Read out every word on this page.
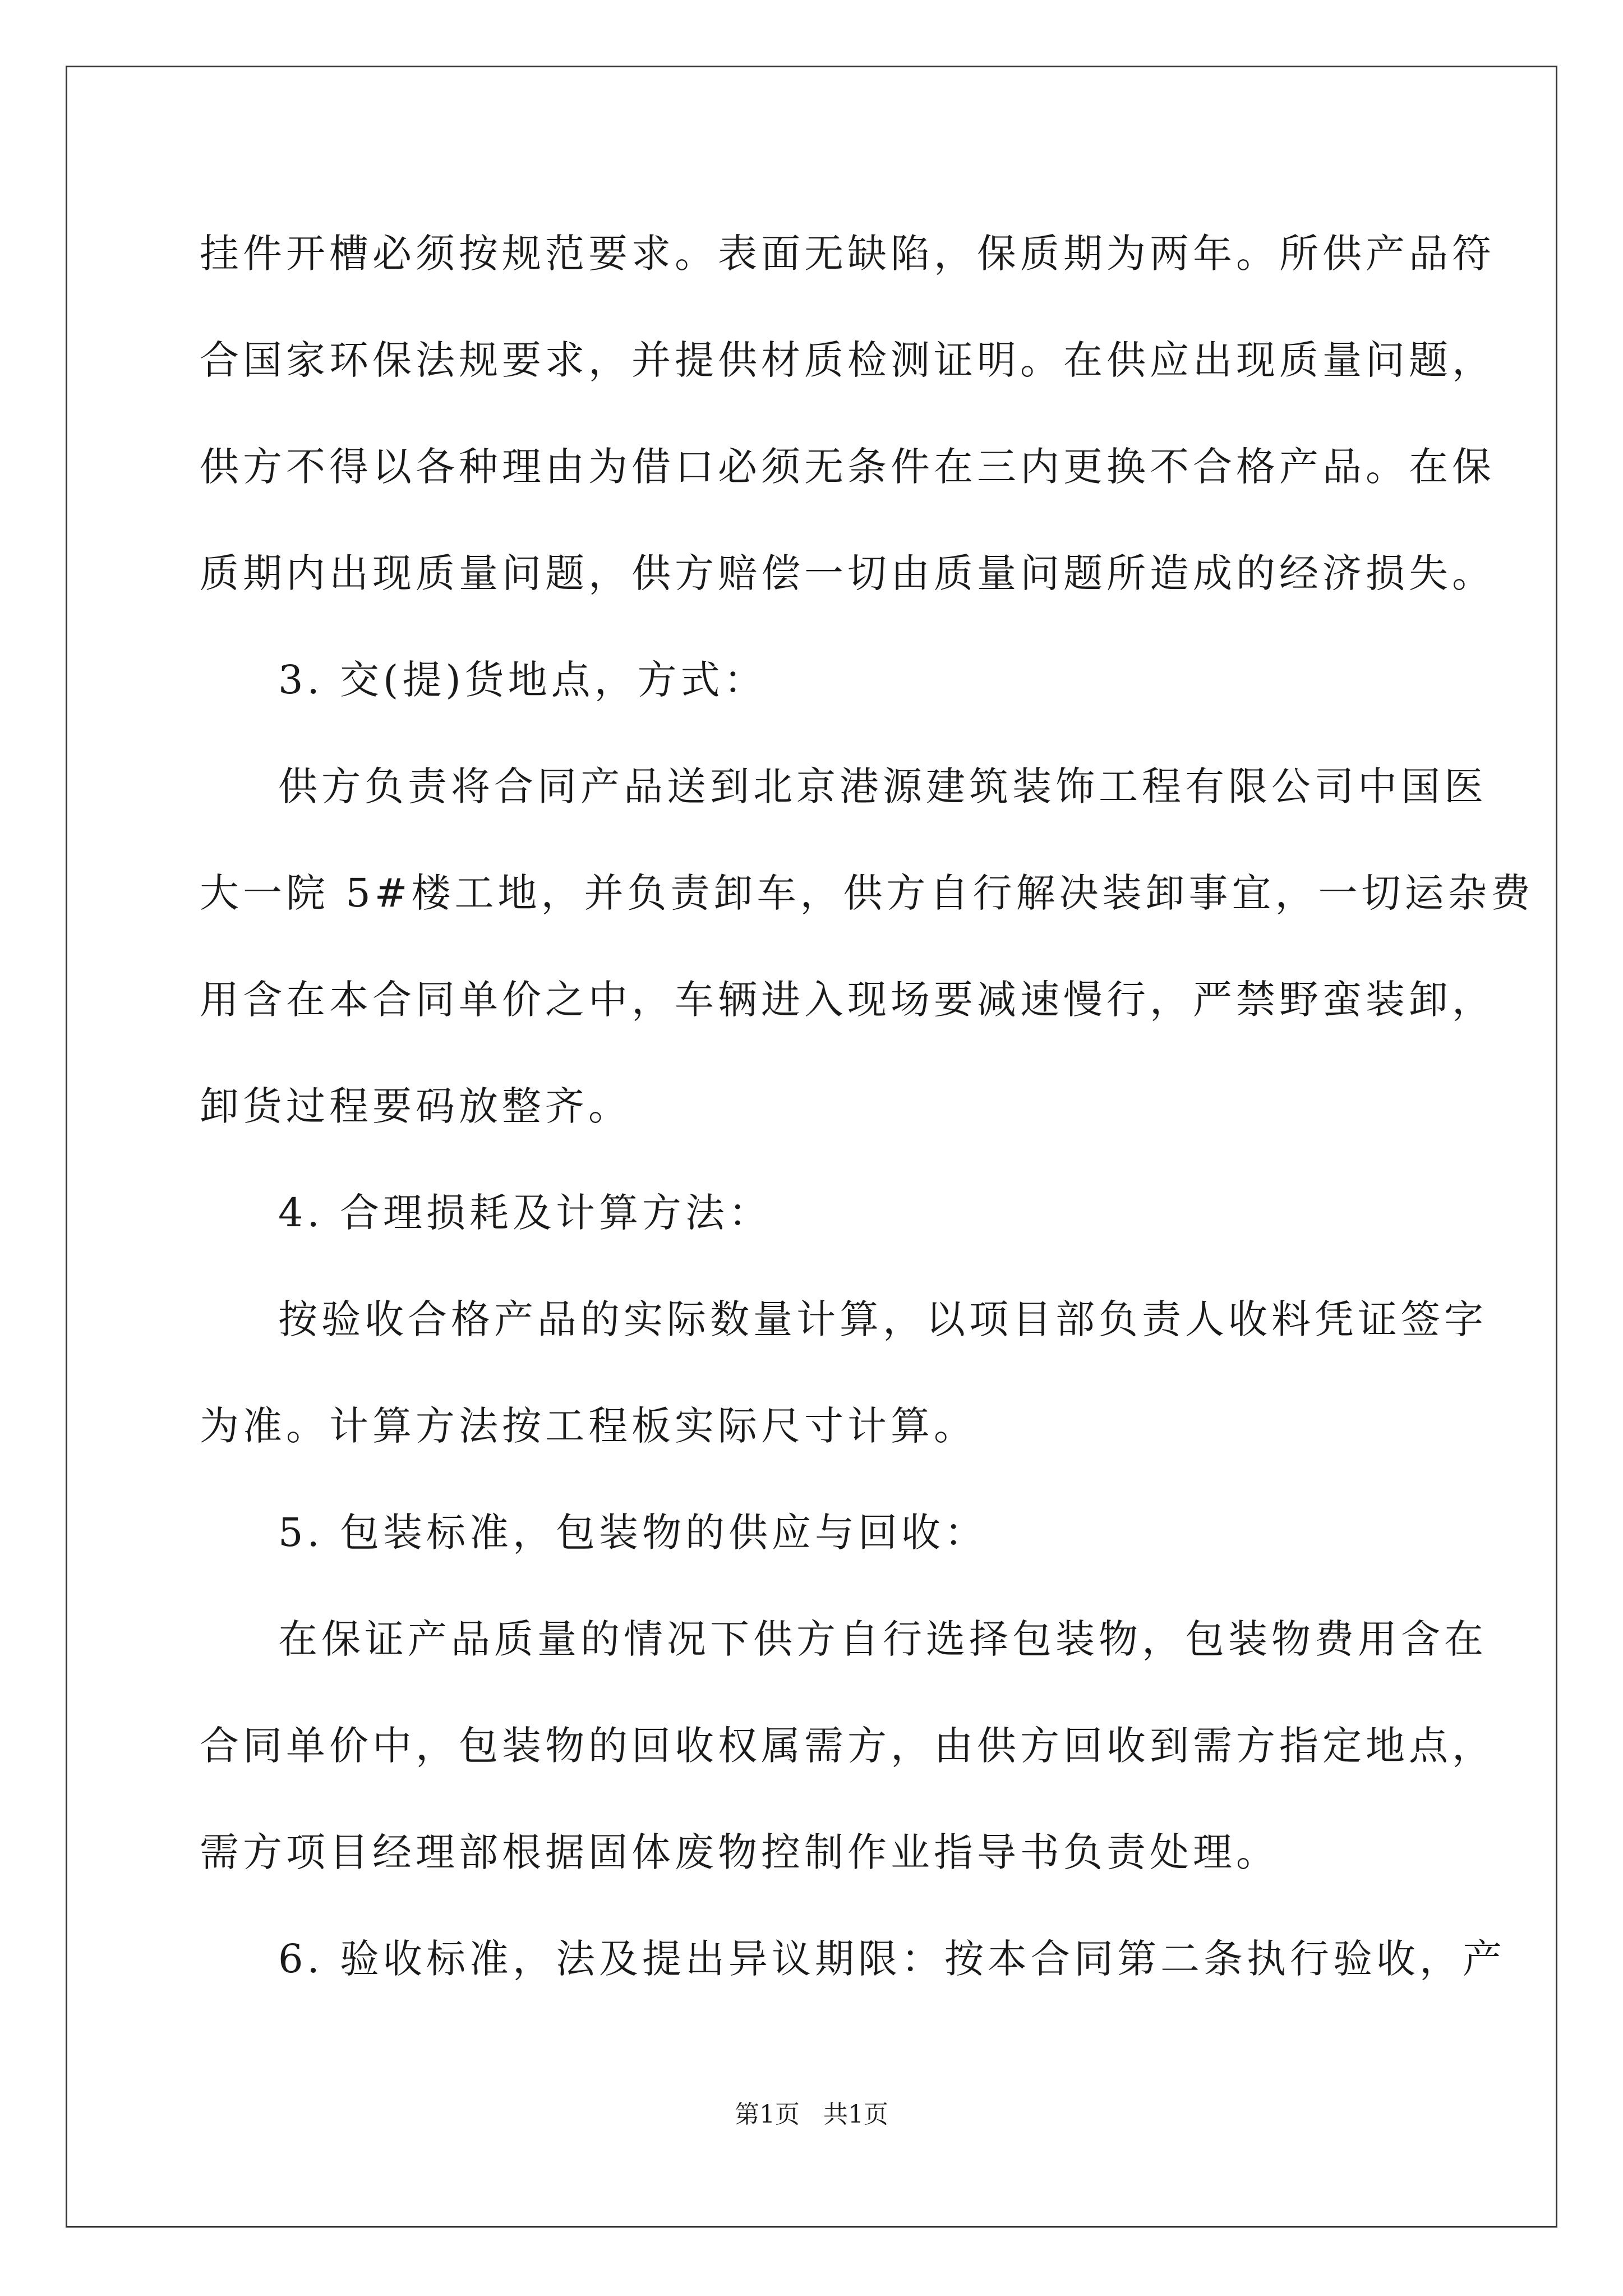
挂件开槽必须按规范要求。表面无缺陷，保质期为两年。所供产品符
合国家环保法规要求，并提供材质检测证明。在供应出现质量问题，
供方不得以各种理由为借口必须无条件在三内更换不合格产品。在保
质期内出现质量问题，供方赔偿一切由质量问题所造成的经济损失。
3. 交(提)货地点，方式：
供方负责将合同产品送到北京港源建筑装饰工程有限公司中国医
大一院 5#楼工地，并负责卸车，供方自行解决装卸事宜，一切运杂费
用含在本合同单价之中，车辆进入现场要减速慢行，严禁野蛮装卸，
卸货过程要码放整齐。
4. 合理损耗及计算方法：
按验收合格产品的实际数量计算，以项目部负责人收料凭证签字
为准。计算方法按工程板实际尺寸计算。
5. 包装标准，包装物的供应与回收：
在保证产品质量的情况下供方自行选择包装物，包装物费用含在
合同单价中，包装物的回收权属需方，由供方回收到需方指定地点，
需方项目经理部根据固体废物控制作业指导书负责处理。
6. 验收标准，法及提出异议期限：按本合同第二条执行验收，产
第1页   共1页
